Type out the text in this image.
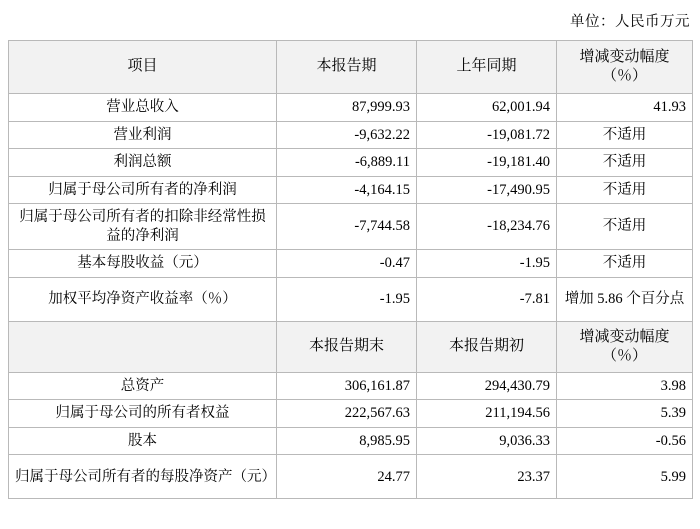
单位：人民币万元
项目	本报告期	上年同期	增减变动幅度（％）
营业总收入	87,999.93	62,001.94	41.93
营业利润	-9,632.22	-19,081.72	不适用
利润总额	-6,889.11	-19,181.40	不适用
归属于母公司所有者的净利润	-4,164.15	-17,490.95	不适用
归属于母公司所有者的扣除非经常性损益的净利润	-7,744.58	-18,234.76	不适用
基本每股收益（元）	-0.47	-1.95	不适用
加权平均净资产收益率（％）	-1.95	-7.81	增加 5.86 个百分点
	本报告期末	本报告期初	增减变动幅度（％）
总资产	306,161.87	294,430.79	3.98
归属于母公司的所有者权益	222,567.63	211,194.56	5.39
股本	8,985.95	9,036.33	-0.56
归属于母公司所有者的每股净资产（元）	24.77	23.37	5.99
